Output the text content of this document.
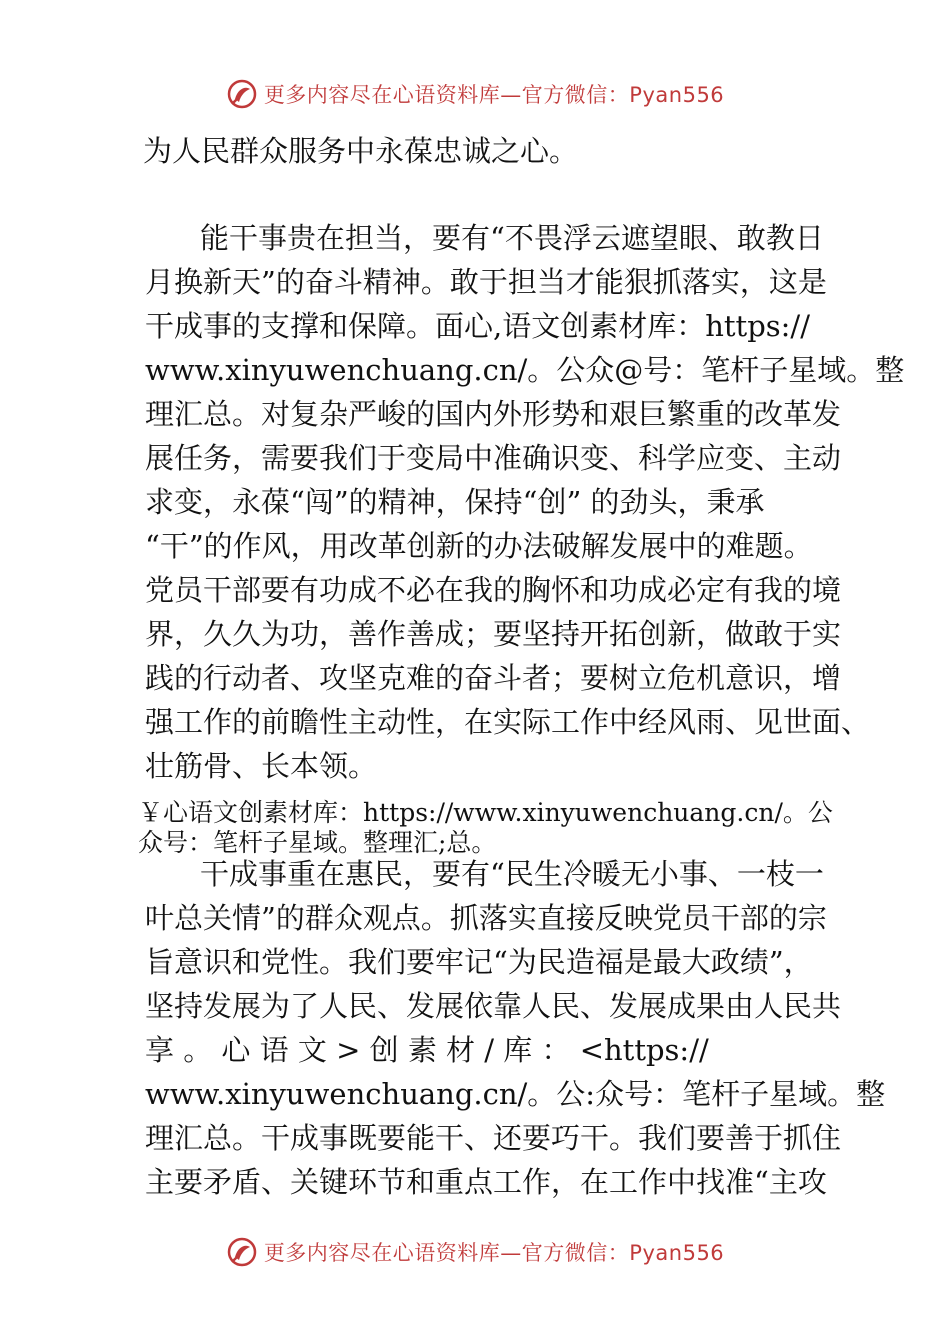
更多内容尽在心语资料库—官方微信：Pyan556
为人民群众服务中永葆忠诚之心。
能干事贵在担当，要有“不畏浮云遮望眼、敢教日
月换新天”的奋斗精神。敢于担当才能狠抓落实，这是
干成事的支撑和保障。面心,语文创素材库：https://
www.xinyuwenchuang.cn/。公众@号：笔杆子星域。整
理汇总。对复杂严峻的国内外形势和艰巨繁重的改革发
展任务，需要我们于变局中准确识变、科学应变、主动
求变，永葆“闯”的精神，保持“创” 的劲头，秉承
“干”的作风，用改革创新的办法破解发展中的难题。
党员干部要有功成不必在我的胸怀和功成必定有我的境
界，久久为功，善作善成；要坚持开拓创新，做敢于实
践的行动者、攻坚克难的奋斗者；要树立危机意识，增
强工作的前瞻性主动性，在实际工作中经风雨、见世面、
壮筋骨、长本领。
￥心语文创素材库：https://www.xinyuwenchuang.cn/。公
众号：笔杆子星域。整理汇;总。
干成事重在惠民，要有“民生冷暖无小事、一枝一
叶总关情”的群众观点。抓落实直接反映党员干部的宗
旨意识和党性。我们要牢记“为民造福是最大政绩”，
坚持发展为了人民、发展依靠人民、发展成果由人民共
享 。 心 语 文 > 创 素 材 / 库 ： <https://
www.xinyuwenchuang.cn/。公:众号：笔杆子星域。整
理汇总。干成事既要能干、还要巧干。我们要善于抓住
主要矛盾、关键环节和重点工作，在工作中找准“主攻
更多内容尽在心语资料库—官方微信：Pyan556
